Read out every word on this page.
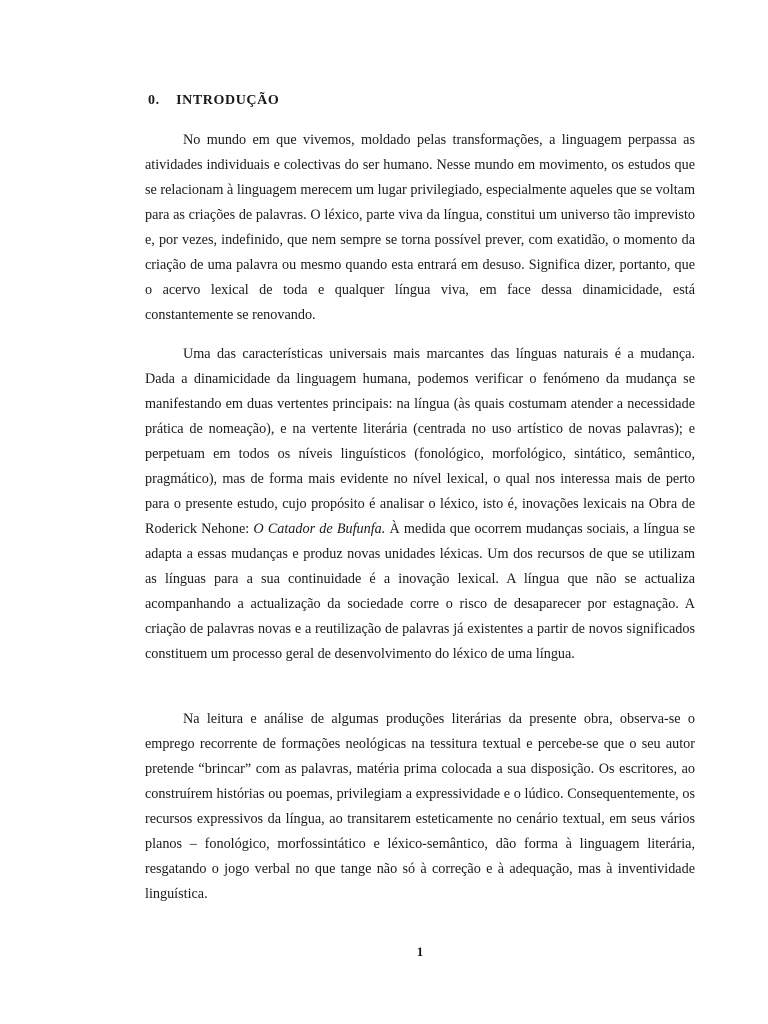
0. INTRODUÇÃO

No mundo em que vivemos, moldado pelas transformações, a linguagem perpassa as atividades individuais e colectivas do ser humano. Nesse mundo em movimento, os estudos que se relacionam à linguagem merecem um lugar privilegiado, especialmente aqueles que se voltam para as criações de palavras. O léxico, parte viva da língua, constitui um universo tão imprevisto e, por vezes, indefinido, que nem sempre se torna possível prever, com exatidão, o momento da criação de uma palavra ou mesmo quando esta entrará em desuso. Significa dizer, portanto, que o acervo lexical de toda e qualquer língua viva, em face dessa dinamicidade, está constantemente se renovando.

Uma das características universais mais marcantes das línguas naturais é a mudança. Dada a dinamicidade da linguagem humana, podemos verificar o fenómeno da mudança se manifestando em duas vertentes principais: na língua (às quais costumam atender a necessidade prática de nomeação), e na vertente literária (centrada no uso artístico de novas palavras); e perpetuam em todos os níveis linguísticos (fonológico, morfológico, sintático, semântico, pragmático), mas de forma mais evidente no nível lexical, o qual nos interessa mais de perto para o presente estudo, cujo propósito é analisar o léxico, isto é, inovações lexicais na Obra de Roderick Nehone: O Catador de Bufunfa. À medida que ocorrem mudanças sociais, a língua se adapta a essas mudanças e produz novas unidades léxicas. Um dos recursos de que se utilizam as línguas para a sua continuidade é a inovação lexical. A língua que não se actualiza acompanhando a actualização da sociedade corre o risco de desaparecer por estagnação. A criação de palavras novas e a reutilização de palavras já existentes a partir de novos significados constituem um processo geral de desenvolvimento do léxico de uma língua.

Na leitura e análise de algumas produções literárias da presente obra, observa-se o emprego recorrente de formações neológicas na tessitura textual e percebe-se que o seu autor pretende “brincar” com as palavras, matéria prima colocada a sua disposição. Os escritores, ao construírem histórias ou poemas, privilegiam a expressividade e o lúdico. Consequentemente, os recursos expressivos da língua, ao transitarem esteticamente no cenário textual, em seus vários planos – fonológico, morfossintático e léxico-semântico, dão forma à linguagem literária, resgatando o jogo verbal no que tange não só à correção e à adequação, mas à inventividade linguística.

1
